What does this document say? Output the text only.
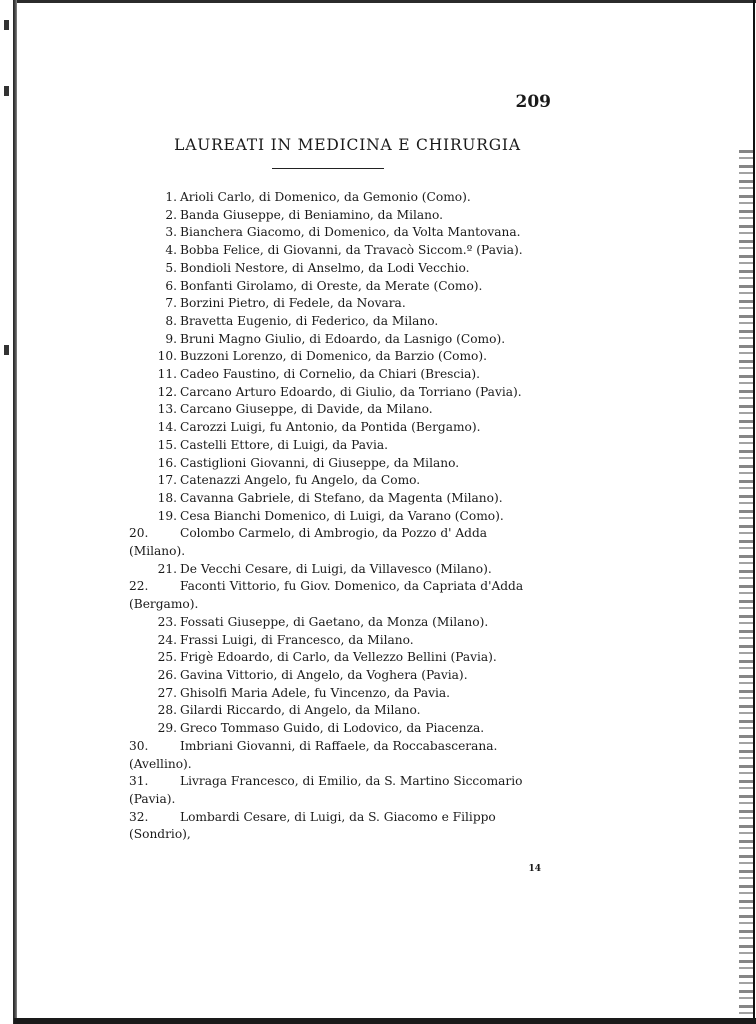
209
LAUREATI IN MEDICINA E CHIRURGIA
1. Arioli Carlo, di Domenico, da Gemonio (Como).
2. Banda Giuseppe, di Beniamino, da Milano.
3. Bianchera Giacomo, di Domenico, da Volta Mantovana.
4. Bobba Felice, di Giovanni, da Travacò Siccom.º (Pavia).
5. Bondioli Nestore, di Anselmo, da Lodi Vecchio.
6. Bonfanti Girolamo, di Oreste, da Merate (Como).
7. Borzini Pietro, di Fedele, da Novara.
8. Bravetta Eugenio, di Federico, da Milano.
9. Bruni Magno Giulio, di Edoardo, da Lasnigo (Como).
10. Buzzoni Lorenzo, di Domenico, da Barzio (Como).
11. Cadeo Faustino, di Cornelio, da Chiari (Brescia).
12. Carcano Arturo Edoardo, di Giulio, da Torriano (Pavia).
13. Carcano Giuseppe, di Davide, da Milano.
14. Carozzi Luigi, fu Antonio, da Pontida (Bergamo).
15. Castelli Ettore, di Luigi, da Pavia.
16. Castiglioni Giovanni, di Giuseppe, da Milano.
17. Catenazzi Angelo, fu Angelo, da Como.
18. Cavanna Gabriele, di Stefano, da Magenta (Milano).
19. Cesa Bianchi Domenico, di Luigi, da Varano (Como).
20.	Colombo Carmelo, di Ambrogio, da Pozzo d' Adda
(Milano).
21. De Vecchi Cesare, di Luigi, da Villavesco (Milano).
22.	Faconti Vittorio, fu Giov. Domenico, da Capriata d'Adda
(Bergamo).
23. Fossati Giuseppe, di Gaetano, da Monza (Milano).
24. Frassi Luigi, di Francesco, da Milano.
25. Frigè Edoardo, di Carlo, da Vellezzo Bellini (Pavia).
26. Gavina Vittorio, di Angelo, da Voghera (Pavia).
27. Ghisolfi Maria Adele, fu Vincenzo, da Pavia.
28. Gilardi Riccardo, di Angelo, da Milano.
29. Greco Tommaso Guido, di Lodovico, da Piacenza.
30.	Imbriani Giovanni, di Raffaele, da Roccabascerana.
(Avellino).
31.	Livraga Francesco, di Emilio, da S. Martino Siccomario
(Pavia).
32.	Lombardi Cesare, di Luigi, da S. Giacomo e Filippo
(Sondrio),
14
